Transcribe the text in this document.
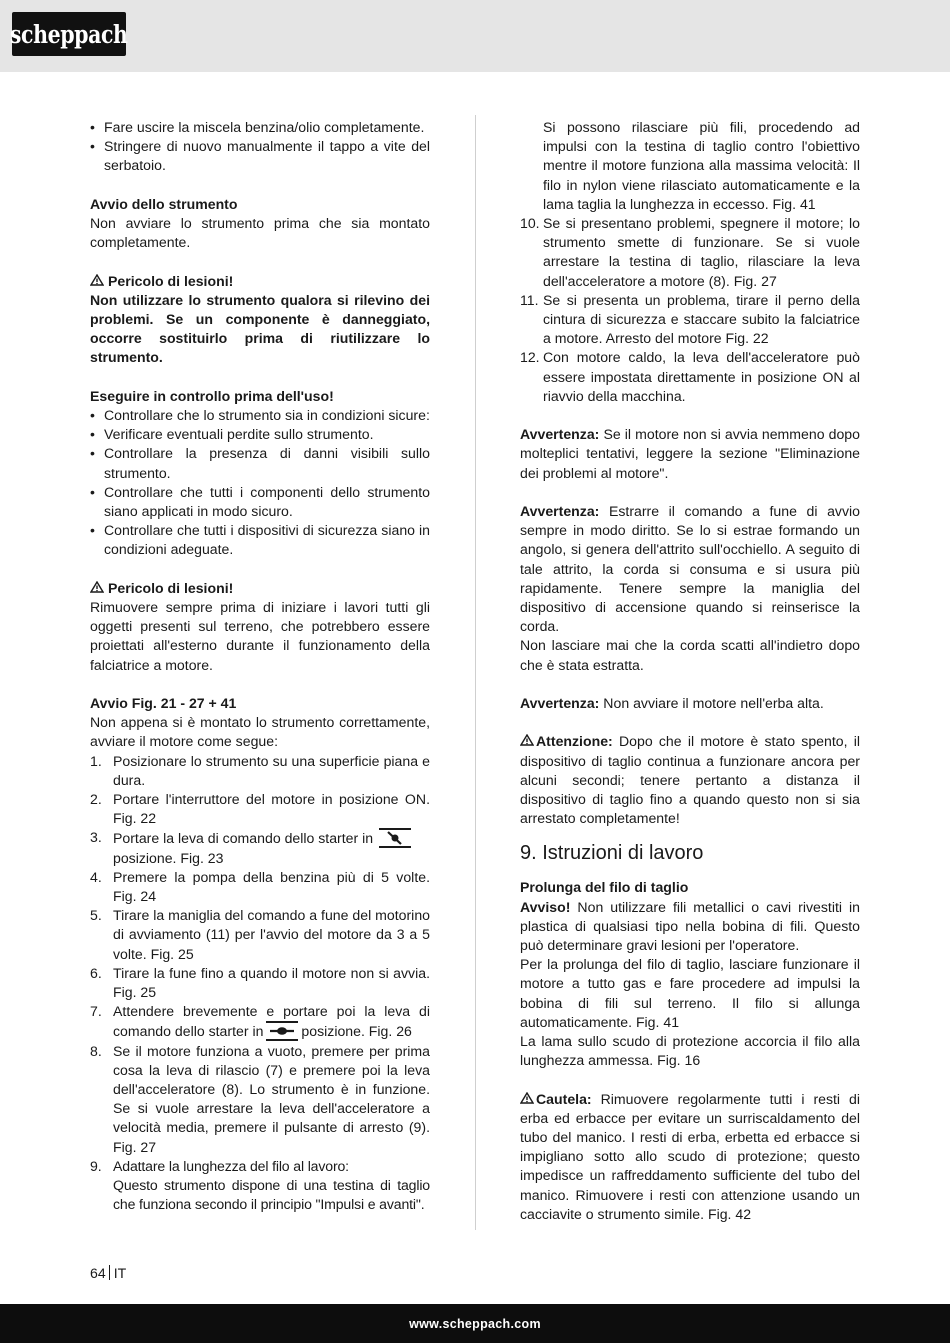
scheppach
• Fare uscire la miscela benzina/olio completamente.
• Stringere di nuovo manualmente il tappo a vite del serbatoio.
Avvio dello strumento
Non avviare lo strumento prima che sia montato completamente.
Pericolo di lesioni!
Non utilizzare lo strumento qualora si rilevino dei problemi. Se un componente è danneggiato, occorre sostituirlo prima di riutilizzare lo strumento.
Eseguire in controllo prima dell'uso!
• Controllare che lo strumento sia in condizioni sicure:
• Verificare eventuali perdite sullo strumento.
• Controllare la presenza di danni visibili sullo strumento.
• Controllare che tutti i componenti dello strumento siano applicati in modo sicuro.
• Controllare che tutti i dispositivi di sicurezza siano in condizioni adeguate.
Pericolo di lesioni!
Rimuovere sempre prima di iniziare i lavori tutti gli oggetti presenti sul terreno, che potrebbero essere proiettati all'esterno durante il funzionamento della falciatrice a motore.
Avvio Fig. 21 - 27 + 41
Non appena si è montato lo strumento correttamente, avviare il motore come segue:
1. Posizionare lo strumento su una superficie piana e dura.
2. Portare l'interruttore del motore in posizione ON. Fig. 22
3. Portare la leva di comando dello starter in

posizione. Fig. 23
4. Premere la pompa della benzina più di 5 volte. Fig. 24
5. Tirare la maniglia del comando a fune del motorino di avviamento (11) per l'avvio del motore da 3 a 5 volte. Fig. 25
6. Tirare la fune fino a quando il motore non si avvia. Fig. 25
7. Attendere brevemente e portare poi la leva di comando dello starter in	posizione. Fig. 26
8. Se il motore funziona a vuoto, premere per prima cosa la leva di rilascio (7) e premere poi la leva dell'acceleratore (8). Lo strumento è in funzione. Se si vuole arrestare la leva dell'acceleratore a velocità media, premere il pulsante di arresto (9). Fig. 27
9. Adattare la lunghezza del filo al lavoro:
Questo strumento dispone di una testina di taglio che funziona secondo il principio "Impulsi e avanti".
Si possono rilasciare più fili, procedendo ad impulsi con la testina di taglio contro l'obiettivo mentre il motore funziona alla massima velocità: Il filo in nylon viene rilasciato automaticamente e la lama taglia la lunghezza in eccesso. Fig. 41
10. Se si presentano problemi, spegnere il motore; lo strumento smette di funzionare. Se si vuole arrestare la testina di taglio, rilasciare la leva dell'acceleratore a motore (8). Fig. 27
11. Se si presenta un problema, tirare il perno della cintura di sicurezza e staccare subito la falciatrice a motore. Arresto del motore Fig. 22
12. Con motore caldo, la leva dell'acceleratore può essere impostata direttamente in posizione ON al riavvio della macchina.
Avvertenza: Se il motore non si avvia nemmeno dopo molteplici tentativi, leggere la sezione "Eliminazione dei problemi al motore".
Avvertenza: Estrarre il comando a fune di avvio sempre in modo diritto. Se lo si estrae formando un angolo, si genera dell'attrito sull'occhiello. A seguito di tale attrito, la corda si consuma e si usura più rapidamente. Tenere sempre la maniglia del dispositivo di accensione quando si reinserisce la corda.
Non lasciare mai che la corda scatti all'indietro dopo che è stata estratta.
Avvertenza: Non avviare il motore nell'erba alta.
Attenzione: Dopo che il motore è stato spento, il dispositivo di taglio continua a funzionare ancora per alcuni secondi; tenere pertanto a distanza il dispositivo di taglio fino a quando questo non si sia arrestato completamente!
9. Istruzioni di lavoro
Prolunga del filo di taglio
Avviso! Non utilizzare fili metallici o cavi rivestiti in plastica di qualsiasi tipo nella bobina di fili. Questo può determinare gravi lesioni per l'operatore.
Per la prolunga del filo di taglio, lasciare funzionare il motore a tutto gas e fare procedere ad impulsi la bobina di fili sul terreno. Il filo si allunga automaticamente. Fig. 41
La lama sullo scudo di protezione accorcia il filo alla lunghezza ammessa. Fig. 16
Cautela: Rimuovere regolarmente tutti i resti di erba ed erbacce per evitare un surriscaldamento del tubo del manico. I resti di erba, erbetta ed erbacce si impigliano sotto allo scudo di protezione; questo impedisce un raffreddamento sufficiente del tubo del manico. Rimuovere i resti con attenzione usando un cacciavite o strumento simile. Fig. 42
64 IT
www.scheppach.com
